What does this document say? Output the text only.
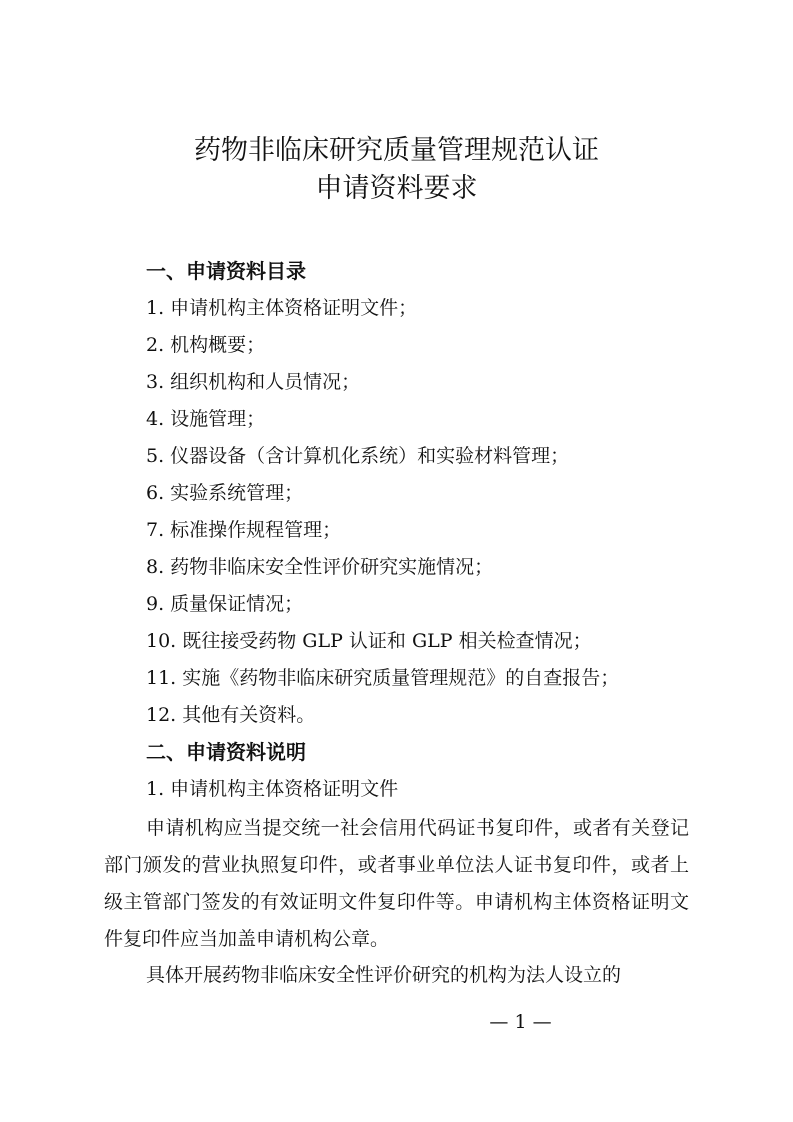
药物非临床研究质量管理规范认证
申请资料要求
一、申请资料目录
1. 申请机构主体资格证明文件；
2. 机构概要；
3. 组织机构和人员情况；
4. 设施管理；
5. 仪器设备（含计算机化系统）和实验材料管理；
6. 实验系统管理；
7. 标准操作规程管理；
8. 药物非临床安全性评价研究实施情况；
9. 质量保证情况；
10. 既往接受药物 GLP 认证和 GLP 相关检查情况；
11. 实施《药物非临床研究质量管理规范》的自查报告；
12. 其他有关资料。
二、申请资料说明
1. 申请机构主体资格证明文件
申请机构应当提交统一社会信用代码证书复印件，或者有关登记部门颁发的营业执照复印件，或者事业单位法人证书复印件，或者上级主管部门签发的有效证明文件复印件等。申请机构主体资格证明文件复印件应当加盖申请机构公章。
具体开展药物非临床安全性评价研究的机构为法人设立的
— 1 —
